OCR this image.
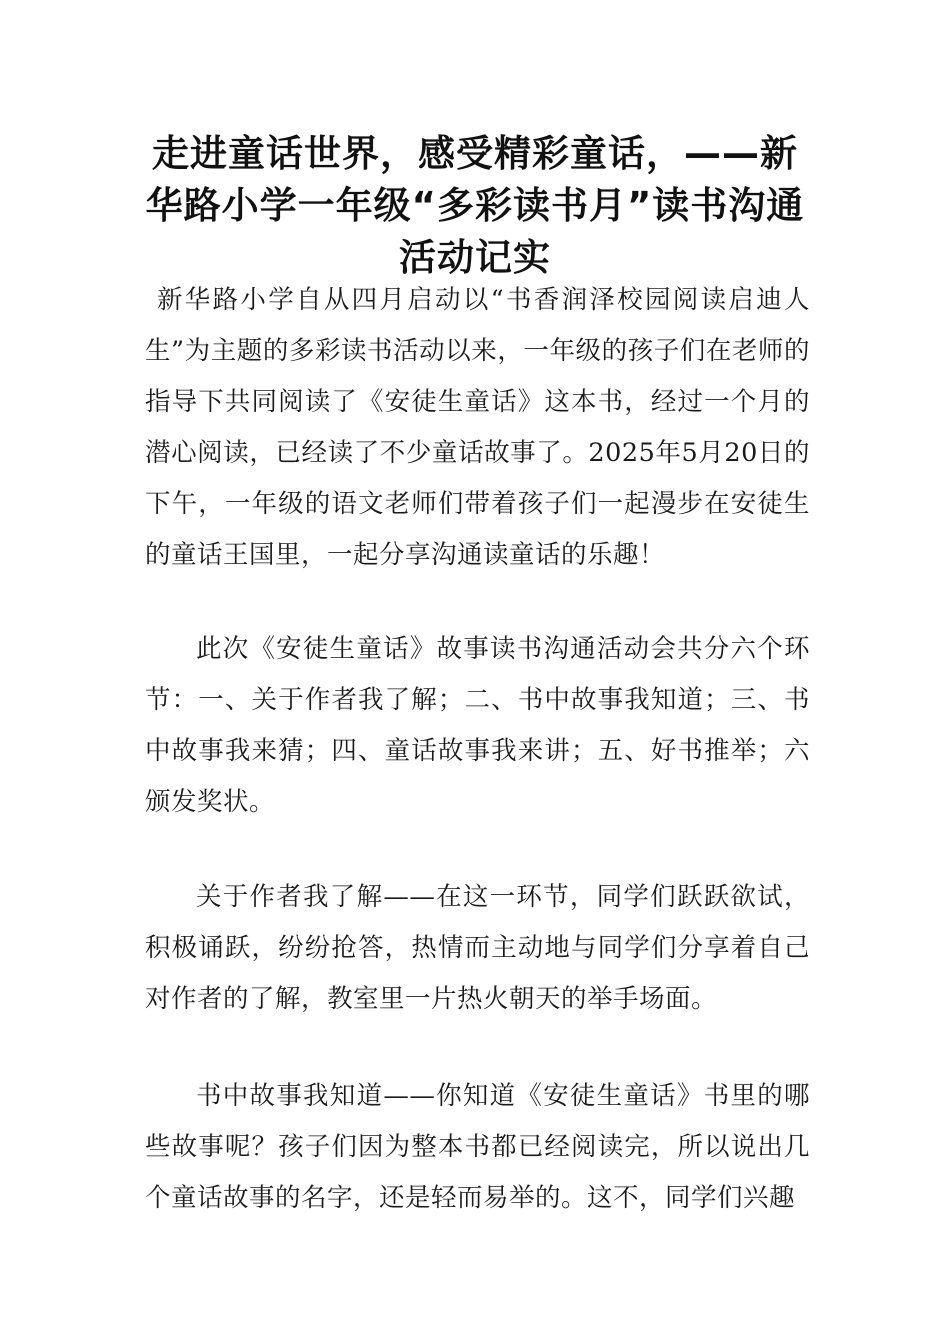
走进童话世界，感受精彩童话，——新华路小学一年级“多彩读书月”读书沟通活动记实

新华路小学自从四月启动以“书香润泽校园阅读启迪人生”为主题的多彩读书活动以来，一年级的孩子们在老师的指导下共同阅读了《安徒生童话》这本书，经过一个月的潜心阅读，已经读了不少童话故事了。2025年5月20日的下午，一年级的语文老师们带着孩子们一起漫步在安徒生的童话王国里，一起分享沟通读童话的乐趣！

此次《安徒生童话》故事读书沟通活动会共分六个环节：一、关于作者我了解；二、书中故事我知道；三、书中故事我来猜；四、童话故事我来讲；五、好书推举；六颁发奖状。

关于作者我了解——在这一环节，同学们跃跃欲试，积极诵跃，纷纷抢答，热情而主动地与同学们分享着自己对作者的了解，教室里一片热火朝天的举手场面。

书中故事我知道——你知道《安徒生童话》书里的哪些故事呢？孩子们因为整本书都已经阅读完，所以说出几个童话故事的名字，还是轻而易举的。这不，同学们兴趣
